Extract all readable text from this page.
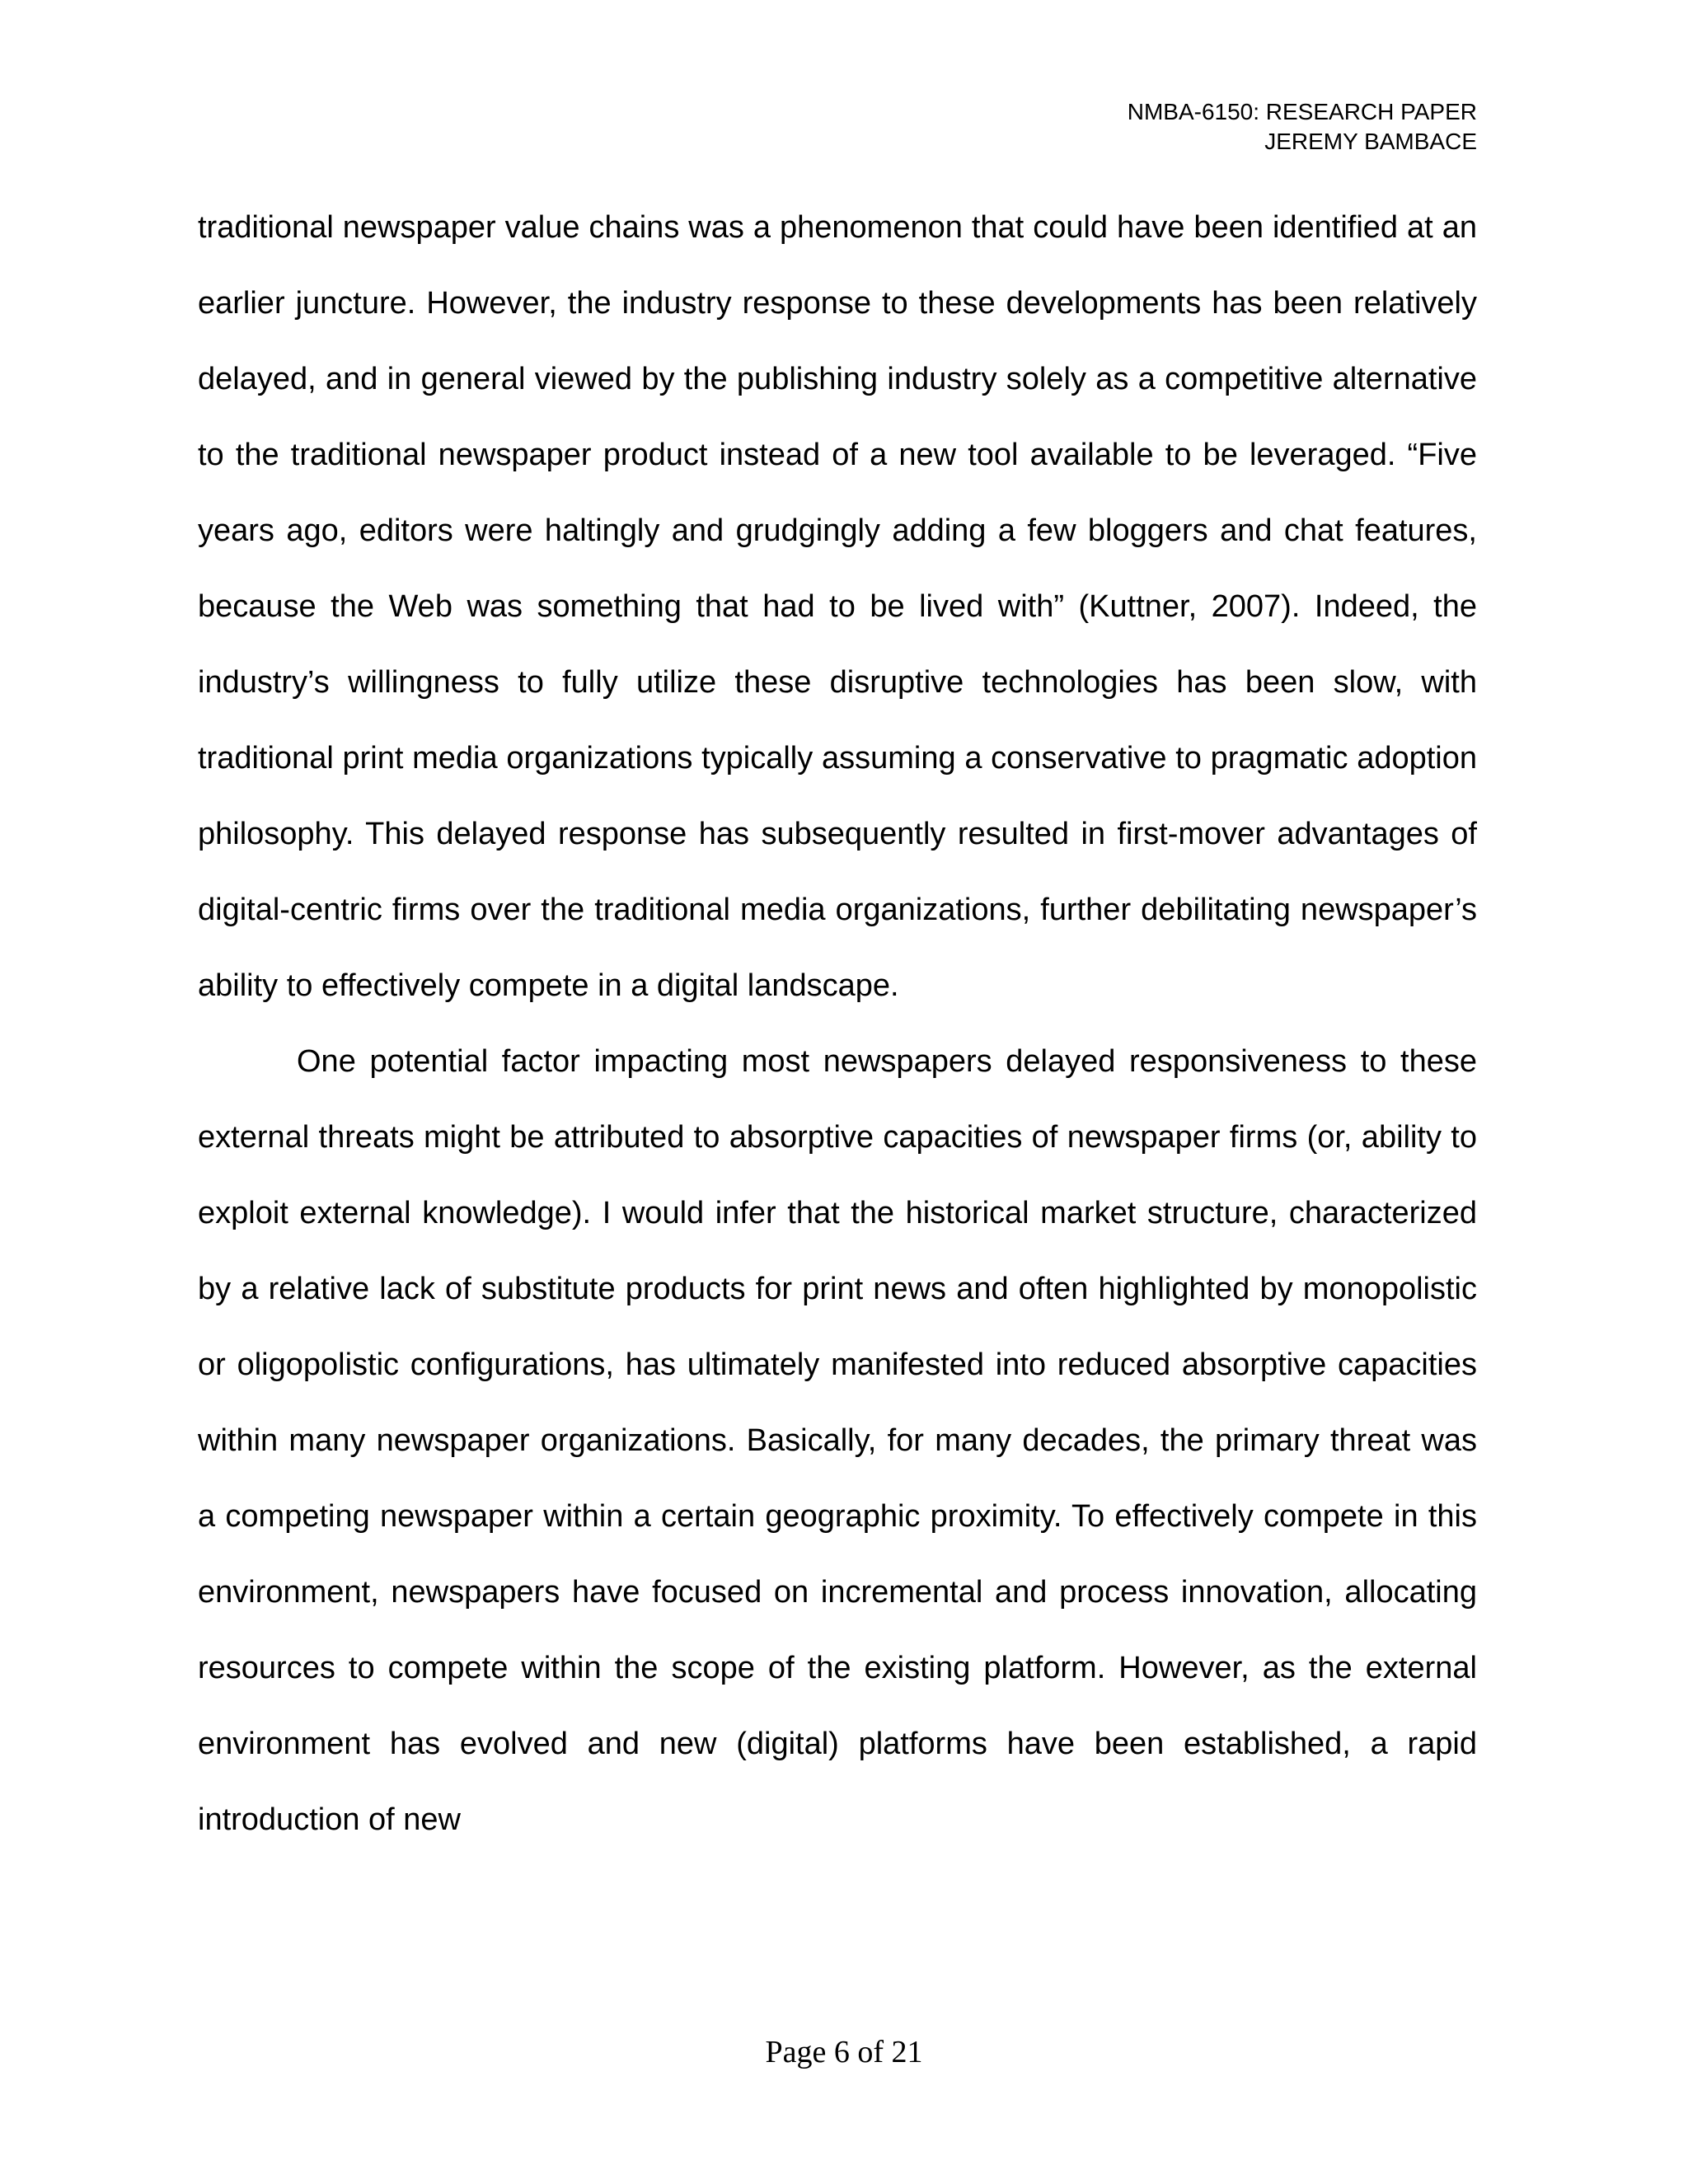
NMBA-6150: RESEARCH PAPER
JEREMY BAMBACE

traditional newspaper value chains was a phenomenon that could have been identified at an earlier juncture. However, the industry response to these developments has been relatively delayed, and in general viewed by the publishing industry solely as a competitive alternative to the traditional newspaper product instead of a new tool available to be leveraged. “Five years ago, editors were haltingly and grudgingly adding a few bloggers and chat features, because the Web was something that had to be lived with” (Kuttner, 2007). Indeed, the industry’s willingness to fully utilize these disruptive technologies has been slow, with traditional print media organizations typically assuming a conservative to pragmatic adoption philosophy. This delayed response has subsequently resulted in first-mover advantages of digital-centric firms over the traditional media organizations, further debilitating newspaper’s ability to effectively compete in a digital landscape.

One potential factor impacting most newspapers delayed responsiveness to these external threats might be attributed to absorptive capacities of newspaper firms (or, ability to exploit external knowledge). I would infer that the historical market structure, characterized by a relative lack of substitute products for print news and often highlighted by monopolistic or oligopolistic configurations, has ultimately manifested into reduced absorptive capacities within many newspaper organizations. Basically, for many decades, the primary threat was a competing newspaper within a certain geographic proximity. To effectively compete in this environment, newspapers have focused on incremental and process innovation, allocating resources to compete within the scope of the existing platform. However, as the external environment has evolved and new (digital) platforms have been established, a rapid introduction of new

Page 6 of 21
